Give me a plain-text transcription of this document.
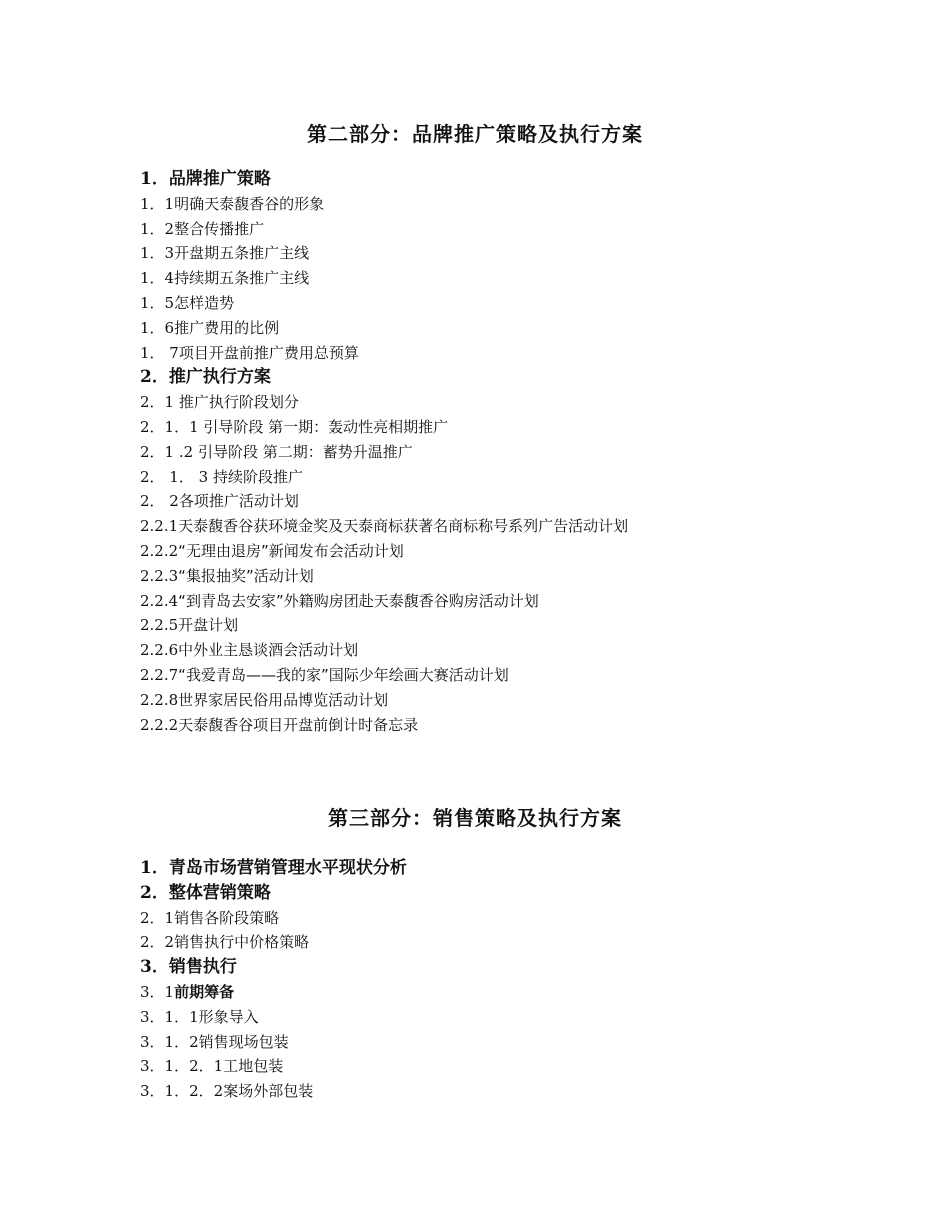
第二部分：品牌推广策略及执行方案
1．品牌推广策略
1．1明确天泰馥香谷的形象
1．2整合传播推广
1．3开盘期五条推广主线
1．4持续期五条推广主线
1．5怎样造势
1．6推广费用的比例
1． 7项目开盘前推广费用总预算
2．推广执行方案
2．1 推广执行阶段划分
2．1．1 引导阶段 第一期：轰动性亮相期推广
2．1 .2 引导阶段 第二期：蓄势升温推广
2． 1． 3 持续阶段推广
2． 2各项推广活动计划
2.2.1天泰馥香谷获环境金奖及天泰商标获著名商标称号系列广告活动计划
2.2.2“无理由退房”新闻发布会活动计划
2.2.3“集报抽奖”活动计划
2.2.4“到青岛去安家”外籍购房团赴天泰馥香谷购房活动计划
2.2.5开盘计划
2.2.6中外业主恳谈酒会活动计划
2.2.7“我爱青岛——我的家”国际少年绘画大赛活动计划
2.2.8世界家居民俗用品博览活动计划
2.2.2天泰馥香谷项目开盘前倒计时备忘录
第三部分：销售策略及执行方案
1．青岛市场营销管理水平现状分析
2．整体营销策略
2．1销售各阶段策略
2．2销售执行中价格策略
3．销售执行
3．1前期筹备
3．1．1形象导入
3．1．2销售现场包装
3．1．2．1工地包装
3．1．2．2案场外部包装
